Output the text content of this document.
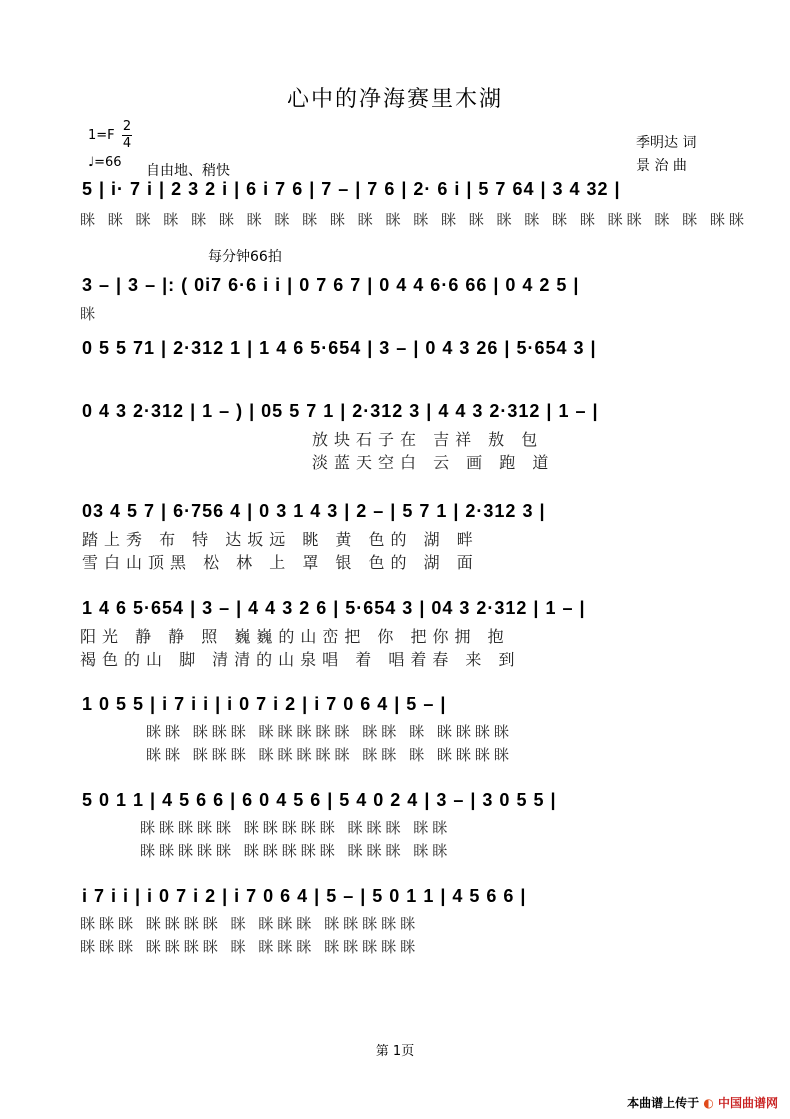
心中的净海赛里木湖
1=F
2
4
♩=66
自由地、稍快
季明达 词
景 治 曲
每分钟66拍
5 | i· 7 i | 2 3 2 i | 6 i 7 6 | 7 – | 7 6 | 2· 6 i | 5 7 64 | 3 4 32 |
眯 眯 眯 眯 眯 眯 眯 眯 眯 眯 眯 眯 眯 眯 眯 眯 眯 眯 眯 眯眯 眯 眯 眯眯
3 – | 3 – |: ( 0i7 6·6 i i | 0 7 6 7 | 0 4 4 6·6 66 | 0 4 2 5 |
眯
0 5 5 71 | 2·312 1 | 1 4 6 5·654 | 3 – | 0 4 3 26 | 5·654 3 |
0 4 3 2·312 | 1 – ) | 05 5 7 1 | 2·312 3 | 4 4 3 2·312 | 1 – |
放块石子在 吉祥 敖 包
淡蓝天空白 云 画 跑 道
03 4 5 7 | 6·756 4 | 0 3 1 4 3 | 2 – | 5 7 1 | 2·312 3 |
踏上秀 布 特 达坂远 眺 黄 色的 湖 畔
雪白山顶黑 松 林 上 罩 银 色的 湖 面
1 4 6 5·654 | 3 – | 4 4 3 2 6 | 5·654 3 | 04 3 2·312 | 1 – |
阳光 静 静 照 巍巍的山峦把 你 把你拥 抱
褐色的山 脚 清清的山泉唱 着 唱着春 来 到
1 0 5 5 | i 7 i i | i 0 7 i 2 | i 7 0 6 4 | 5 – |
眯眯 眯眯眯 眯眯眯眯眯 眯眯 眯 眯眯眯眯
眯眯 眯眯眯 眯眯眯眯眯 眯眯 眯 眯眯眯眯
5 0 1 1 | 4 5 6 6 | 6 0 4 5 6 | 5 4 0 2 4 | 3 – | 3 0 5 5 |
眯眯眯眯眯 眯眯眯眯眯 眯眯眯 眯眯
眯眯眯眯眯 眯眯眯眯眯 眯眯眯 眯眯
i 7 i i | i 0 7 i 2 | i 7 0 6 4 | 5 – | 5 0 1 1 | 4 5 6 6 |
眯眯眯 眯眯眯眯 眯 眯眯眯 眯眯眯眯眯
眯眯眯 眯眯眯眯 眯 眯眯眯 眯眯眯眯眯
第 1页
本曲谱上传于 ◐ 中国曲谱网
